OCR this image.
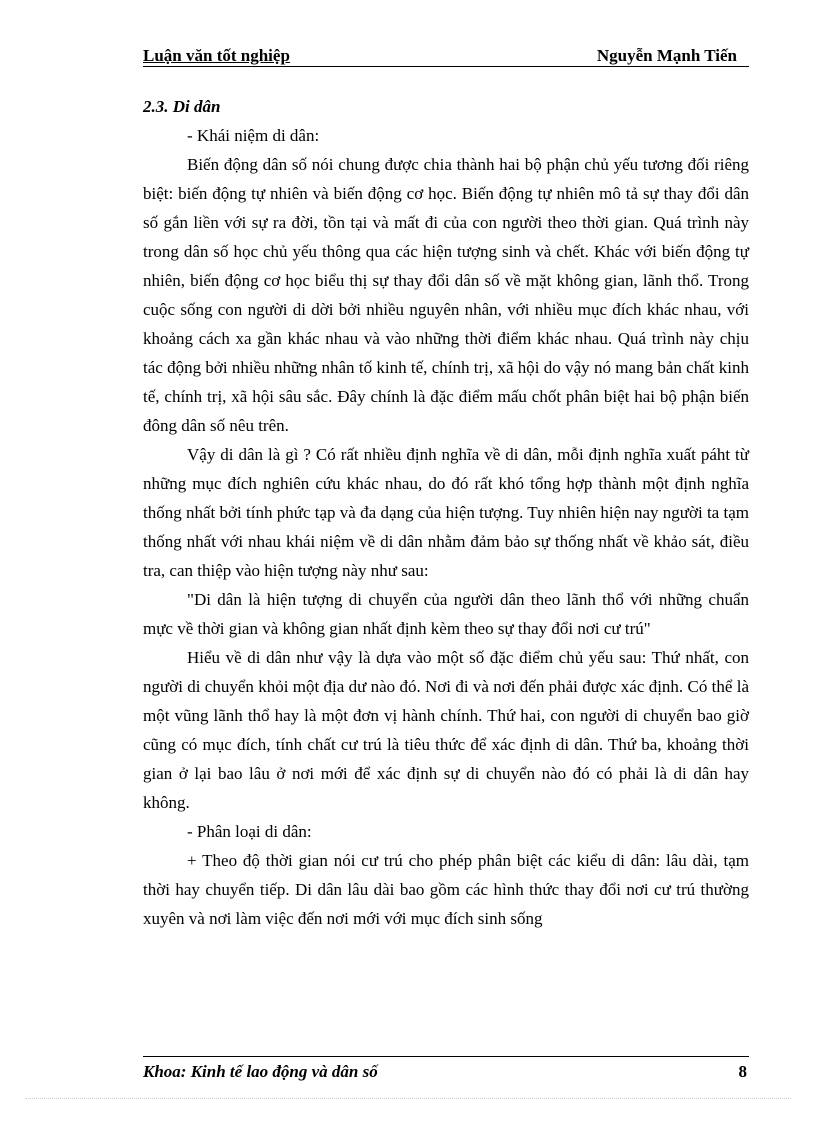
Luận văn tốt nghiệp	Nguyễn Mạnh Tiến

2.3. Di dân

- Khái niệm di dân:

Biến động dân số nói chung được chia thành hai bộ phận chủ yếu tương đối riêng biệt: biến động tự nhiên và biến động cơ học. Biến động tự nhiên mô tả sự thay đổi dân số gắn liền với sự ra đời, tồn tại và mất đi của con người theo thời gian. Quá trình này trong dân số học chủ yếu thông qua các hiện tượng sinh và chết. Khác với biến động tự nhiên, biến động cơ học biểu thị sự thay đổi dân số về mặt không gian, lãnh thổ. Trong cuộc sống con người di dời bởi nhiều nguyên nhân, với nhiều mục đích khác nhau, với khoảng cách xa gần khác nhau và vào những thời điểm khác nhau. Quá trình này chịu tác động bởi nhiều những nhân tố kinh tế, chính trị, xã hội do vậy nó mang bản chất kinh tế, chính trị, xã hội sâu sắc. Đây chính là đặc điểm mấu chốt phân biệt hai bộ phận biến đông dân số nêu trên.

Vậy di dân là gì ? Có rất nhiều định nghĩa về di dân, mỗi định nghĩa xuất páht từ những mục đích nghiên cứu khác nhau, do đó rất khó tổng hợp thành một định nghĩa thống nhất bởi tính phức tạp và đa dạng của hiện tượng. Tuy nhiên hiện nay người ta tạm thống nhất với nhau khái niệm về di dân nhằm đảm bảo sự thống nhất về khảo sát, điều tra, can thiệp vào hiện tượng này như sau:

"Di dân là hiện tượng di chuyển của người dân theo lãnh thổ với những chuẩn mực về thời gian và không gian nhất định kèm theo sự thay đổi nơi cư trú"

Hiểu về di dân như vậy là dựa vào một số đặc điểm chủ yếu sau: Thứ nhất, con người di chuyển khỏi một địa dư nào đó. Nơi đi và nơi đến phải được xác định. Có thể là một vũng lãnh thổ hay là một đơn vị hành chính. Thứ hai, con người di chuyển bao giờ cũng có mục đích, tính chất cư trú là tiêu thức để xác định di dân. Thứ ba, khoảng thời gian ở lại bao lâu ở nơi mới để xác định sự di chuyển nào đó có phải là di dân hay không.

- Phân loại di dân:

+ Theo độ thời gian nói cư trú cho phép phân biệt các kiểu di dân: lâu dài, tạm thời hay chuyển tiếp. Di dân lâu dài bao gồm các hình thức thay đổi nơi cư trú thường xuyên và nơi làm việc đến nơi mới với mục đích sinh sống

Khoa: Kinh tế lao động và dân số	8
